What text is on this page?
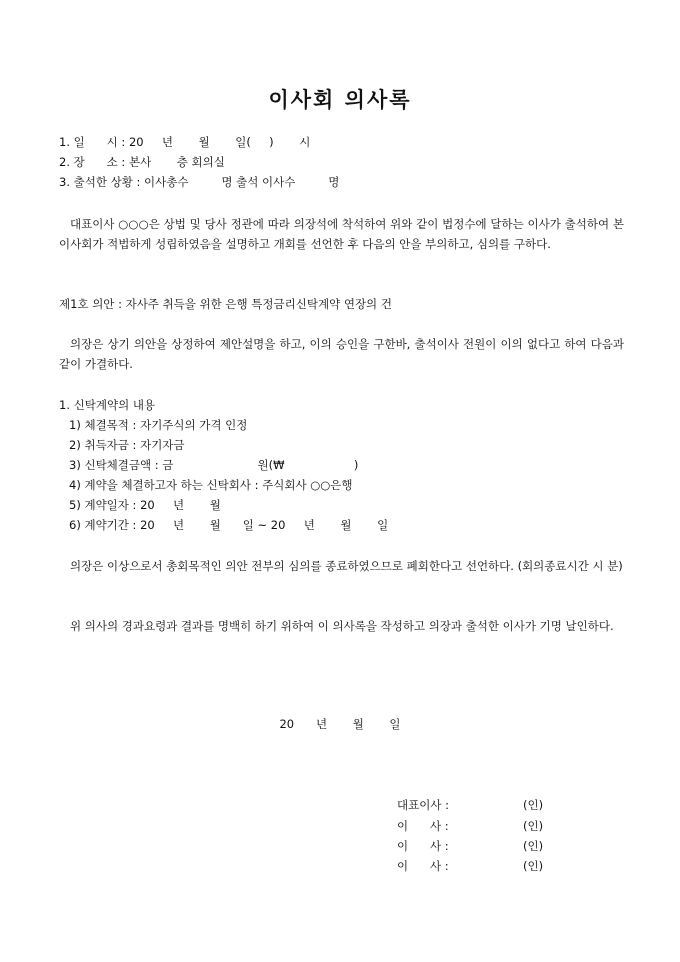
이사회 의사록
1. 일      시 : 20     년       월       일(     )       시
2. 장      소 : 본사       층 회의실
3. 출석한 상황 : 이사총수         명 출석 이사수         명
대표이사 ○○○은 상법 및 당사 정관에 따라 의장석에 착석하여 위와 같이 법정수에 달하는 이사가 출석하여 본 이사회가 적법하게 성립하였음을 설명하고 개회를 선언한 후 다음의 안을 부의하고, 심의를 구하다.
제1호 의안 : 자사주 취득을 위한 은행 특정금리신탁계약 연장의 건
의장은 상기 의안을 상정하여 제안설명을 하고, 이의 승인을 구한바, 출석이사 전원이 이의 없다고 하여 다음과 같이 가결하다.
1. 신탁계약의 내용
1) 체결목적 : 자기주식의 가격 인정
2) 취득자금 : 자기자금
3) 신탁체결금액 : 금                       원(₩                   )
4) 계약을 체결하고자 하는 신탁회사 : 주식회사 ○○은행
5) 계약일자 : 20     년       월
6) 계약기간 : 20     년       월      일 ~ 20     년       월       일
의장은 이상으로서 총회목적인 의안 전부의 심의를 종료하였으므로 폐회한다고 선언하다. (회의종료시간 시 분)
위 의사의 경과요령과 결과를 명백히 하기 위하여 이 의사록을 작성하고 의장과 출석한 이사가 기명 날인하다.
20      년       월       일
대표이사 :	(인)
이      사 :	(인)
이      사 :	(인)
이      사 :	(인)
